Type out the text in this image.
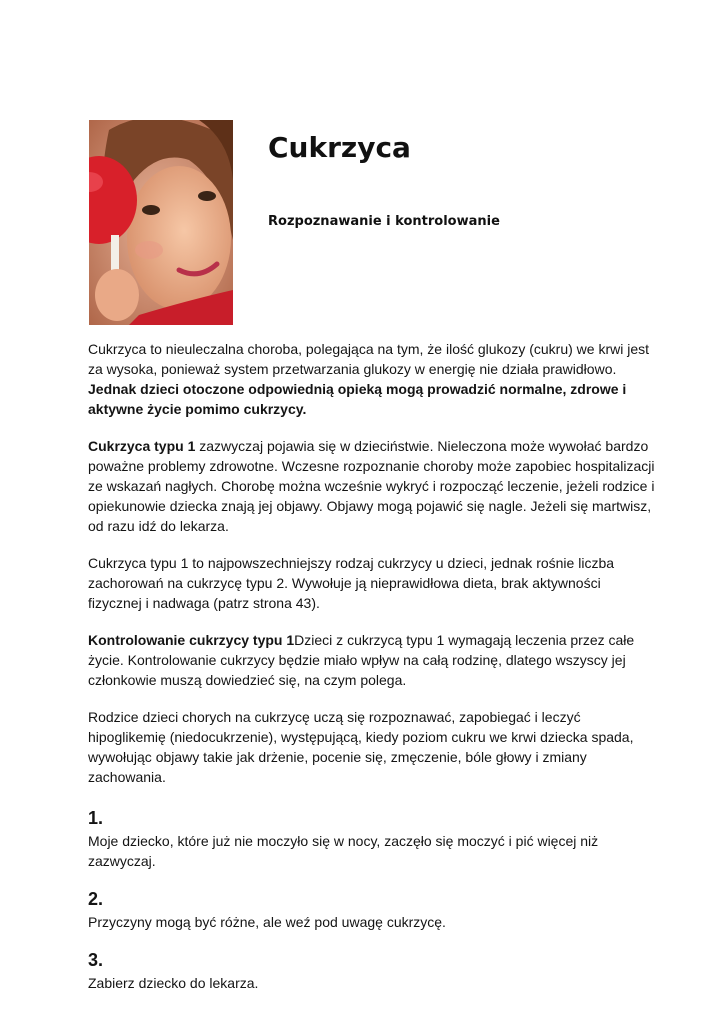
Cukrzyca
Rozpoznawanie i kontrolowanie

Cukrzyca to nieuleczalna choroba, polegająca na tym, że ilość glukozy (cukru) we krwi jest za wysoka, ponieważ system przetwarzania glukozy w energię nie działa prawidłowo. Jednak dzieci otoczone odpowiednią opieką mogą prowadzić normalne, zdrowe i aktywne życie pomimo cukrzycy.

Cukrzyca typu 1 zazwyczaj pojawia się w dzieciństwie. Nieleczona może wywołać bardzo poważne problemy zdrowotne. Wczesne rozpoznanie choroby może zapobiec hospitalizacji ze wskazań nagłych. Chorobę można wcześnie wykryć i rozpocząć leczenie, jeżeli rodzice i opiekunowie dziecka znają jej objawy. Objawy mogą pojawić się nagle. Jeżeli się martwisz, od razu idź do lekarza.

Cukrzyca typu 1 to najpowszechniejszy rodzaj cukrzycy u dzieci, jednak rośnie liczba zachorowań na cukrzycę typu 2. Wywołuje ją nieprawidłowa dieta, brak aktywności fizycznej i nadwaga (patrz strona 43).

Kontrolowanie cukrzycy typu 1Dzieci z cukrzycą typu 1 wymagają leczenia przez całe życie. Kontrolowanie cukrzycy będzie miało wpływ na całą rodzinę, dlatego wszyscy jej członkowie muszą dowiedzieć się, na czym polega.

Rodzice dzieci chorych na cukrzycę uczą się rozpoznawać, zapobiegać i leczyć hipoglikemię (niedocukrzenie), występującą, kiedy poziom cukru we krwi dziecka spada, wywołując objawy takie jak drżenie, pocenie się, zmęczenie, bóle głowy i zmiany zachowania.

1.

Moje dziecko, które już nie moczyło się w nocy, zaczęło się moczyć i pić więcej niż zazwyczaj.

2.

Przyczyny mogą być różne, ale weź pod uwagę cukrzycę.

3.

Zabierz dziecko do lekarza.
